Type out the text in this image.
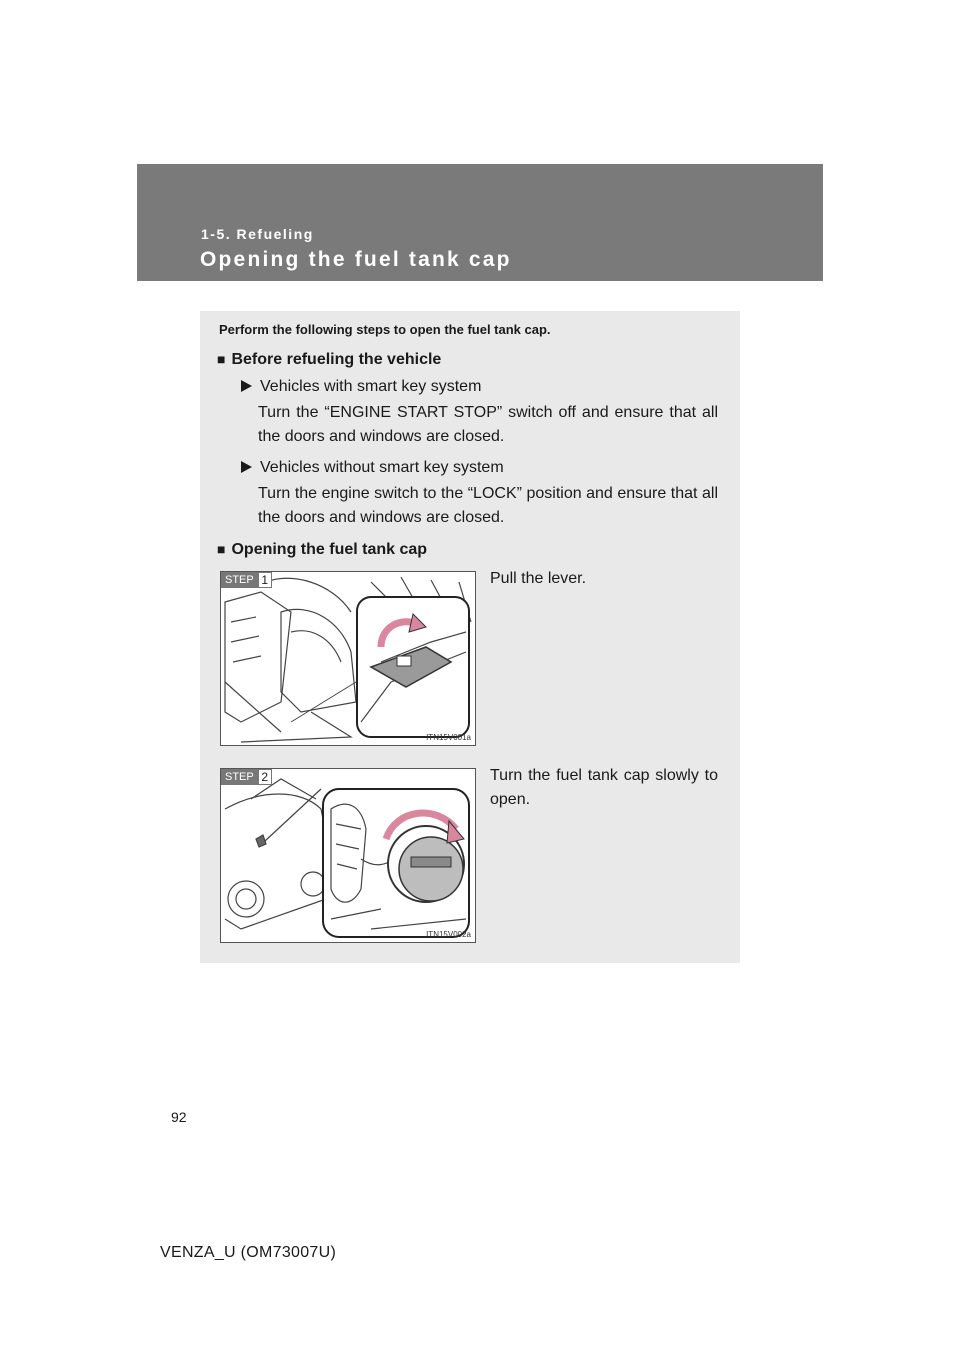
1-5. Refueling
Opening the fuel tank cap
Perform the following steps to open the fuel tank cap.
■ Before refueling the vehicle
Vehicles with smart key system
Turn the “ENGINE START STOP” switch off and ensure that all the doors and windows are closed.
Vehicles without smart key system
Turn the engine switch to the “LOCK” position and ensure that all the doors and windows are closed.
■ Opening the fuel tank cap
STEP 1
ITN15V001a
Pull the lever.
STEP 2
ITN15V002a
Turn the fuel tank cap slowly to open.
92
VENZA_U (OM73007U)
